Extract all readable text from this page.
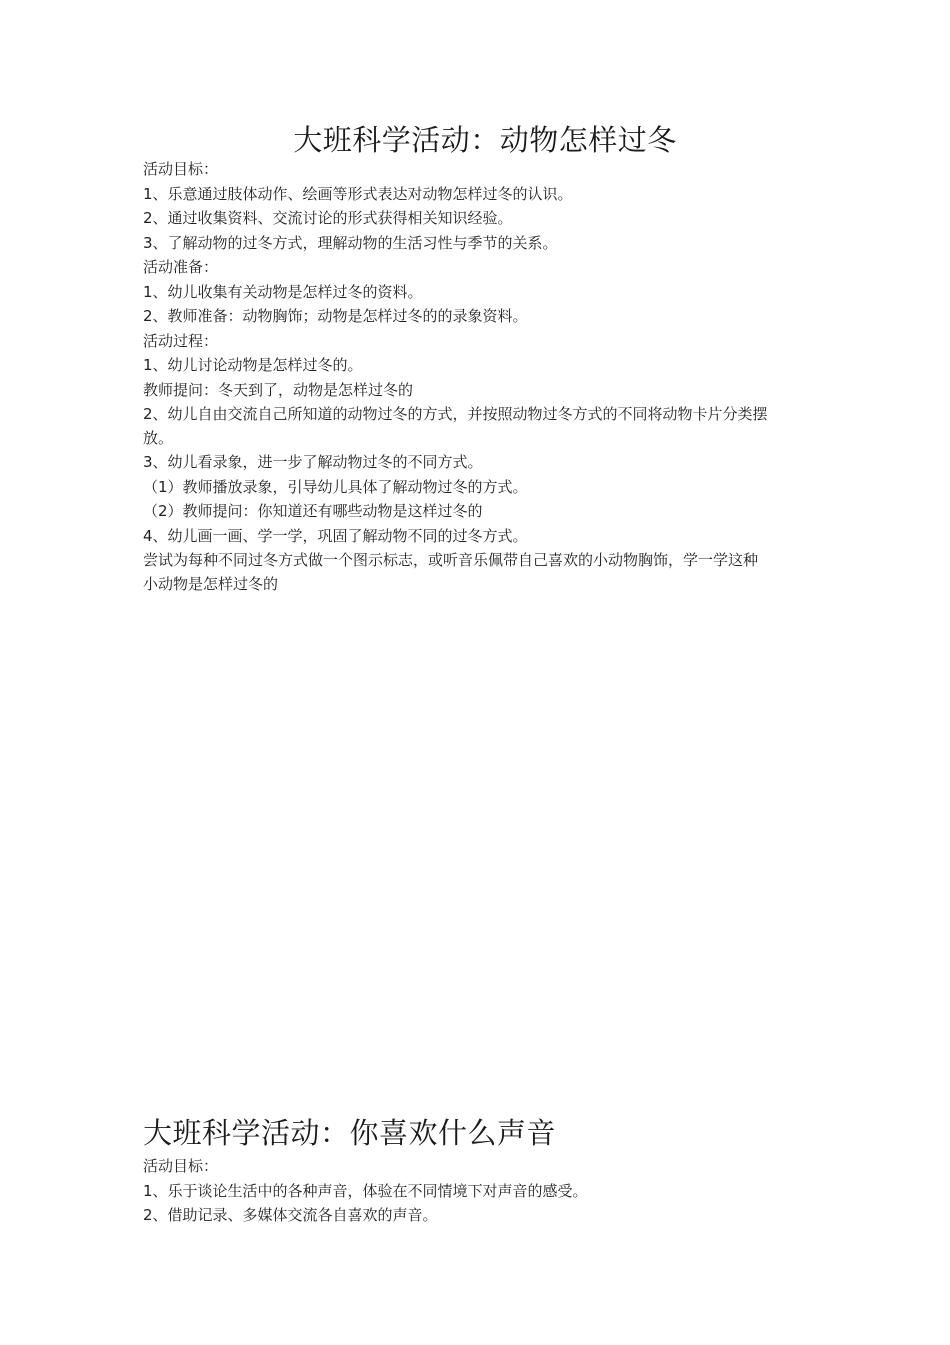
大班科学活动：动物怎样过冬
活动目标：
1、乐意通过肢体动作、绘画等形式表达对动物怎样过冬的认识。
2、通过收集资料、交流讨论的形式获得相关知识经验。
3、了解动物的过冬方式，理解动物的生活习性与季节的关系。
活动准备：
1、幼儿收集有关动物是怎样过冬的资料。
2、教师准备：动物胸饰；动物是怎样过冬的的录象资料。
活动过程：
1、幼儿讨论动物是怎样过冬的。
教师提问：冬天到了，动物是怎样过冬的
2、幼儿自由交流自己所知道的动物过冬的方式，并按照动物过冬方式的不同将动物卡片分类摆放。
3、幼儿看录象，进一步了解动物过冬的不同方式。
（1）教师播放录象，引导幼儿具体了解动物过冬的方式。
（2）教师提问：你知道还有哪些动物是这样过冬的
4、幼儿画一画、学一学，巩固了解动物不同的过冬方式。
尝试为每种不同过冬方式做一个图示标志，或听音乐佩带自己喜欢的小动物胸饰，学一学这种小动物是怎样过冬的
大班科学活动：你喜欢什么声音
活动目标：
1、乐于谈论生活中的各种声音，体验在不同情境下对声音的感受。
2、借助记录、多媒体交流各自喜欢的声音。
